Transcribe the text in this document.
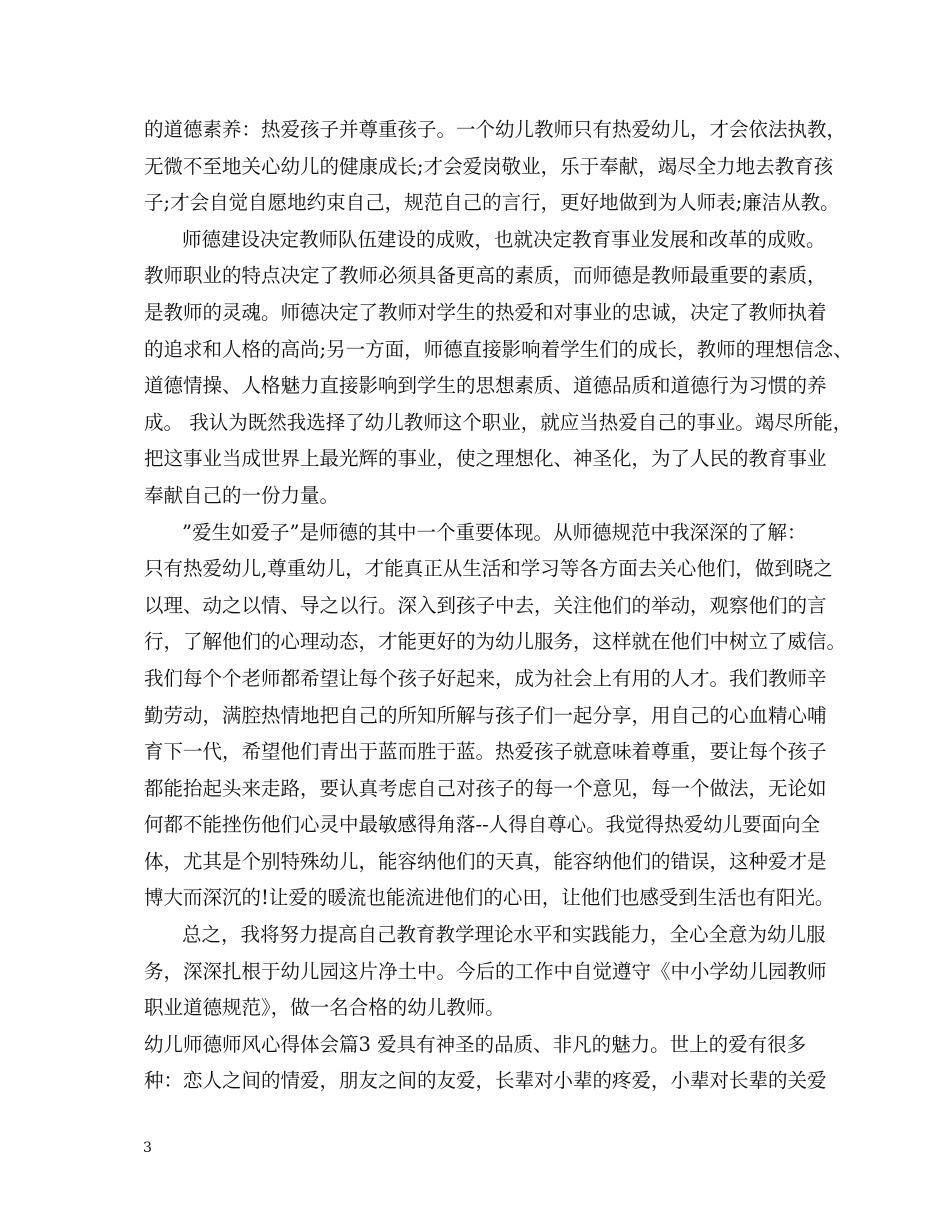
的道德素养：热爱孩子并尊重孩子。一个幼儿教师只有热爱幼儿，才会依法执教，
无微不至地关心幼儿的健康成长;才会爱岗敬业，乐于奉献，竭尽全力地去教育孩
子;才会自觉自愿地约束自己，规范自己的言行，更好地做到为人师表;廉洁从教。
师德建设决定教师队伍建设的成败，也就决定教育事业发展和改革的成败。
教师职业的特点决定了教师必须具备更高的素质，而师德是教师最重要的素质，
是教师的灵魂。师德决定了教师对学生的热爱和对事业的忠诚，决定了教师执着
的追求和人格的高尚;另一方面，师德直接影响着学生们的成长，教师的理想信念、
道德情操、人格魅力直接影响到学生的思想素质、道德品质和道德行为习惯的养
成。 我认为既然我选择了幼儿教师这个职业，就应当热爱自己的事业。竭尽所能，
把这事业当成世界上最光辉的事业，使之理想化、神圣化，为了人民的教育事业
奉献自己的一份力量。
”爱生如爱子”是师德的其中一个重要体现。从师德规范中我深深的了解：
只有热爱幼儿,尊重幼儿，才能真正从生活和学习等各方面去关心他们，做到晓之
以理、动之以情、导之以行。深入到孩子中去，关注他们的举动，观察他们的言
行，了解他们的心理动态，才能更好的为幼儿服务，这样就在他们中树立了威信。
我们每个个老师都希望让每个孩子好起来，成为社会上有用的人才。我们教师辛
勤劳动，满腔热情地把自己的所知所解与孩子们一起分享，用自己的心血精心哺
育下一代，希望他们青出于蓝而胜于蓝。热爱孩子就意味着尊重，要让每个孩子
都能抬起头来走路，要认真考虑自己对孩子的每一个意见，每一个做法，无论如
何都不能挫伤他们心灵中最敏感得角落--人得自尊心。我觉得热爱幼儿要面向全
体，尤其是个别特殊幼儿，能容纳他们的天真，能容纳他们的错误，这种爱才是
博大而深沉的!让爱的暖流也能流进他们的心田，让他们也感受到生活也有阳光。
总之，我将努力提高自己教育教学理论水平和实践能力，全心全意为幼儿服
务，深深扎根于幼儿园这片净土中。今后的工作中自觉遵守《中小学幼儿园教师
职业道德规范》，做一名合格的幼儿教师。
幼儿师德师风心得体会篇3 爱具有神圣的品质、非凡的魅力。世上的爱有很多
种：恋人之间的情爱，朋友之间的友爱，长辈对小辈的疼爱，小辈对长辈的关爱
3
